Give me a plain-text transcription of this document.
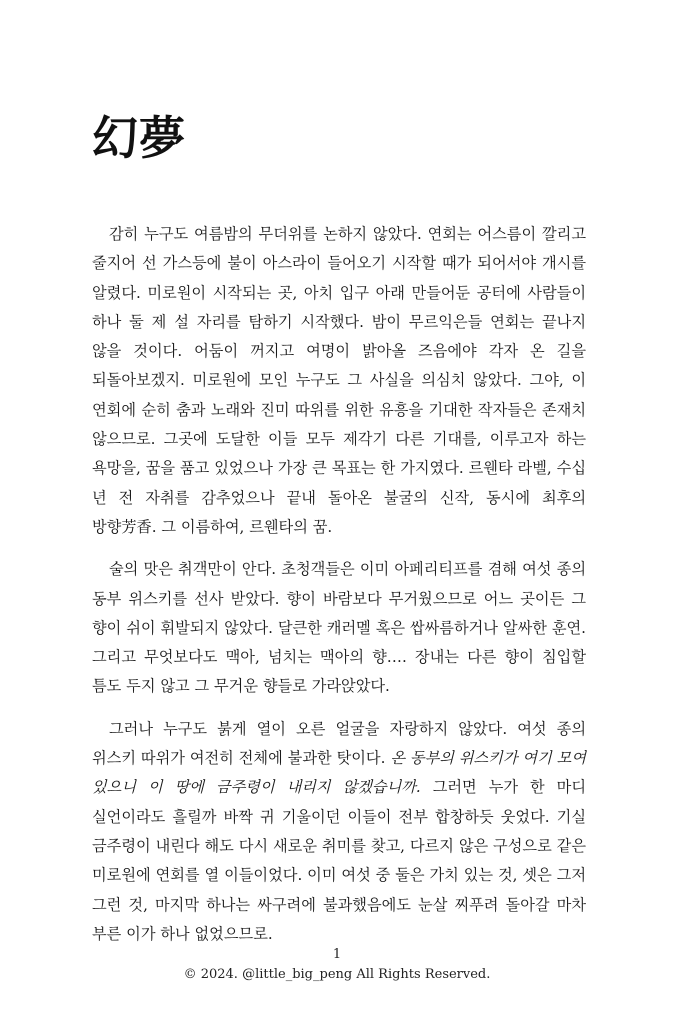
幻夢

감히 누구도 여름밤의 무더위를 논하지 않았다. 연회는 어스름이 깔리고 줄지어 선 가스등에 불이 아스라이 들어오기 시작할 때가 되어서야 개시를 알렸다. 미로원이 시작되는 곳, 아치 입구 아래 만들어둔 공터에 사람들이 하나 둘 제 설 자리를 탐하기 시작했다. 밤이 무르익은들 연회는 끝나지 않을 것이다. 어둠이 꺼지고 여명이 밝아올 즈음에야 각자 온 길을 되돌아보겠지. 미로원에 모인 누구도 그 사실을 의심치 않았다. 그야, 이 연회에 순히 춤과 노래와 진미 따위를 위한 유흥을 기대한 작자들은 존재치 않으므로. 그곳에 도달한 이들 모두 제각기 다른 기대를, 이루고자 하는 욕망을, 꿈을 품고 있었으나 가장 큰 목표는 한 가지였다. 르웬타 라벨, 수십 년 전 자취를 감추었으나 끝내 돌아온 불굴의 신작, 동시에 최후의 방향芳香. 그 이름하여, 르웬타의 꿈.

술의 맛은 취객만이 안다. 초청객들은 이미 아페리티프를 겸해 여섯 종의 동부 위스키를 선사 받았다. 향이 바람보다 무거웠으므로 어느 곳이든 그 향이 쉬이 휘발되지 않았다. 달큰한 캐러멜 혹은 쌉싸름하거나 알싸한 훈연. 그리고 무엇보다도 맥아, 넘치는 맥아의 향…. 장내는 다른 향이 침입할 틈도 두지 않고 그 무거운 향들로 가라앉았다.

그러나 누구도 붉게 열이 오른 얼굴을 자랑하지 않았다. 여섯 종의 위스키 따위가 여전히 전체에 불과한 탓이다. 온 동부의 위스키가 여기 모여 있으니 이 땅에 금주령이 내리지 않겠습니까. 그러면 누가 한 마디 실언이라도 흘릴까 바짝 귀 기울이던 이들이 전부 합창하듯 웃었다. 기실 금주령이 내린다 해도 다시 새로운 취미를 찾고, 다르지 않은 구성으로 같은 미로원에 연회를 열 이들이었다. 이미 여섯 중 둘은 가치 있는 것, 셋은 그저 그런 것, 마지막 하나는 싸구려에 불과했음에도 눈살 찌푸려 돌아갈 마차 부른 이가 하나 없었으므로.

1
© 2024. @little_big_peng All Rights Reserved.
